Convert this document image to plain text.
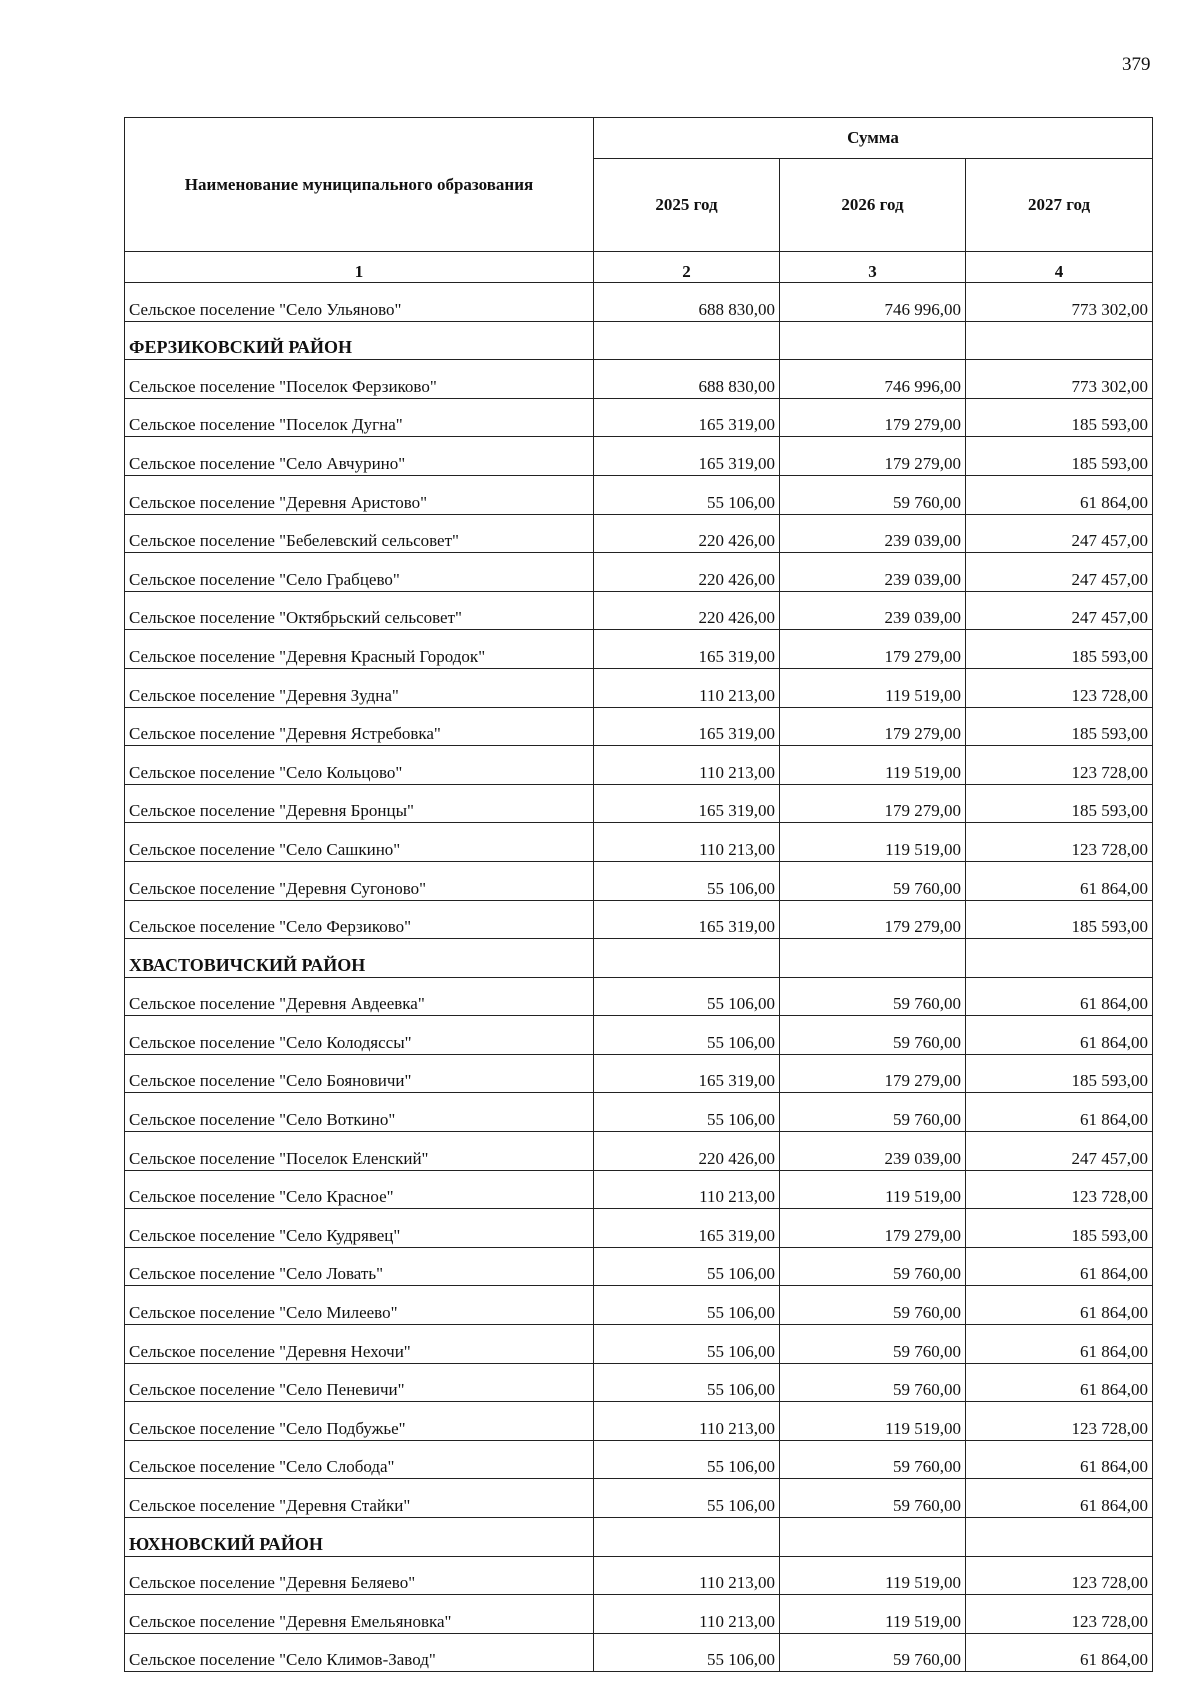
379
Наименование муниципального образования	Сумма		
	2025 год	2026 год	2027 год
1	2	3	4
Сельское поселение "Село Ульяново"	688 830,00	746 996,00	773 302,00
ФЕРЗИКОВСКИЙ РАЙОН			
Сельское поселение "Поселок Ферзиково"	688 830,00	746 996,00	773 302,00
Сельское поселение "Поселок Дугна"	165 319,00	179 279,00	185 593,00
Сельское поселение "Село Авчурино"	165 319,00	179 279,00	185 593,00
Сельское поселение "Деревня Аристово"	55 106,00	59 760,00	61 864,00
Сельское поселение "Бебелевский сельсовет"	220 426,00	239 039,00	247 457,00
Сельское поселение "Село Грабцево"	220 426,00	239 039,00	247 457,00
Сельское поселение "Октябрьский сельсовет"	220 426,00	239 039,00	247 457,00
Сельское поселение "Деревня Красный Городок"	165 319,00	179 279,00	185 593,00
Сельское поселение "Деревня Зудна"	110 213,00	119 519,00	123 728,00
Сельское поселение "Деревня Ястребовка"	165 319,00	179 279,00	185 593,00
Сельское поселение "Село Кольцово"	110 213,00	119 519,00	123 728,00
Сельское поселение "Деревня Бронцы"	165 319,00	179 279,00	185 593,00
Сельское поселение "Село Сашкино"	110 213,00	119 519,00	123 728,00
Сельское поселение "Деревня Сугоново"	55 106,00	59 760,00	61 864,00
Сельское поселение "Село Ферзиково"	165 319,00	179 279,00	185 593,00
ХВАСТОВИЧСКИЙ РАЙОН			
Сельское поселение "Деревня Авдеевка"	55 106,00	59 760,00	61 864,00
Сельское поселение "Село Колодяссы"	55 106,00	59 760,00	61 864,00
Сельское поселение "Село Бояновичи"	165 319,00	179 279,00	185 593,00
Сельское поселение "Село Воткино"	55 106,00	59 760,00	61 864,00
Сельское поселение "Поселок Еленский"	220 426,00	239 039,00	247 457,00
Сельское поселение "Село Красное"	110 213,00	119 519,00	123 728,00
Сельское поселение "Село Кудрявец"	165 319,00	179 279,00	185 593,00
Сельское поселение "Село Ловать"	55 106,00	59 760,00	61 864,00
Сельское поселение "Село Милеево"	55 106,00	59 760,00	61 864,00
Сельское поселение "Деревня Нехочи"	55 106,00	59 760,00	61 864,00
Сельское поселение "Село Пеневичи"	55 106,00	59 760,00	61 864,00
Сельское поселение "Село Подбужье"	110 213,00	119 519,00	123 728,00
Сельское поселение "Село Слобода"	55 106,00	59 760,00	61 864,00
Сельское поселение "Деревня Стайки"	55 106,00	59 760,00	61 864,00
ЮХНОВСКИЙ РАЙОН			
Сельское поселение "Деревня Беляево"	110 213,00	119 519,00	123 728,00
Сельское поселение "Деревня Емельяновка"	110 213,00	119 519,00	123 728,00
Сельское поселение "Село Климов-Завод"	55 106,00	59 760,00	61 864,00
